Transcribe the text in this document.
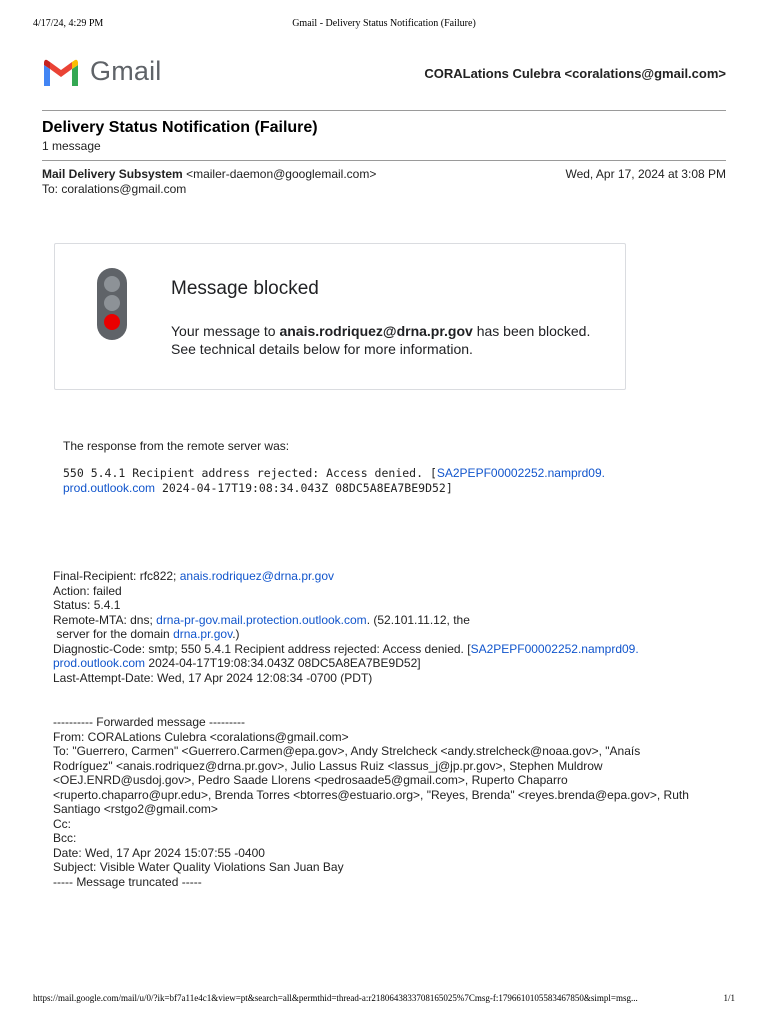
4/17/24, 4:29 PM	Gmail - Delivery Status Notification (Failure)
Gmail	CORALations Culebra <coralations@gmail.com>
Delivery Status Notification (Failure)
1 message
Mail Delivery Subsystem <mailer-daemon@googlemail.com>	Wed, Apr 17, 2024 at 3:08 PM
To: coralations@gmail.com
Message blocked
Your message to anais.rodriquez@drna.pr.gov has been blocked. See technical details below for more information.
The response from the remote server was:
550 5.4.1 Recipient address rejected: Access denied. [SA2PEPF00002252.namprd09.
prod.outlook.com 2024-04-17T19:08:34.043Z 08DC5A8EA7BE9D52]
Final-Recipient: rfc822; anais.rodriquez@drna.pr.gov
Action: failed
Status: 5.4.1
Remote-MTA: dns; drna-pr-gov.mail.protection.outlook.com. (52.101.11.12, the
server for the domain drna.pr.gov.)
Diagnostic-Code: smtp; 550 5.4.1 Recipient address rejected: Access denied. [SA2PEPF00002252.namprd09.
prod.outlook.com 2024-04-17T19:08:34.043Z 08DC5A8EA7BE9D52]
Last-Attempt-Date: Wed, 17 Apr 2024 12:08:34 -0700 (PDT)
---------- Forwarded message ---------
From: CORALations Culebra <coralations@gmail.com>
To: "Guerrero, Carmen" <Guerrero.Carmen@epa.gov>, Andy Strelcheck <andy.strelcheck@noaa.gov>, "Anaís
Rodríguez" <anais.rodriquez@drna.pr.gov>, Julio Lassus Ruiz <lassus_j@jp.pr.gov>, Stephen Muldrow
<OEJ.ENRD@usdoj.gov>, Pedro Saade Llorens <pedrosaade5@gmail.com>, Ruperto Chaparro
<ruperto.chaparro@upr.edu>, Brenda Torres <btorres@estuario.org>, "Reyes, Brenda" <reyes.brenda@epa.gov>, Ruth
Santiago <rstgo2@gmail.com>
Cc:
Bcc:
Date: Wed, 17 Apr 2024 15:07:55 -0400
Subject: Visible Water Quality Violations San Juan Bay
----- Message truncated -----
https://mail.google.com/mail/u/0/?ik=bf7a11e4c1&view=pt&search=all&permthid=thread-a:r2180643833708165025%7Cmsg-f:1796610105583467850&simpl=msg...	1/1
